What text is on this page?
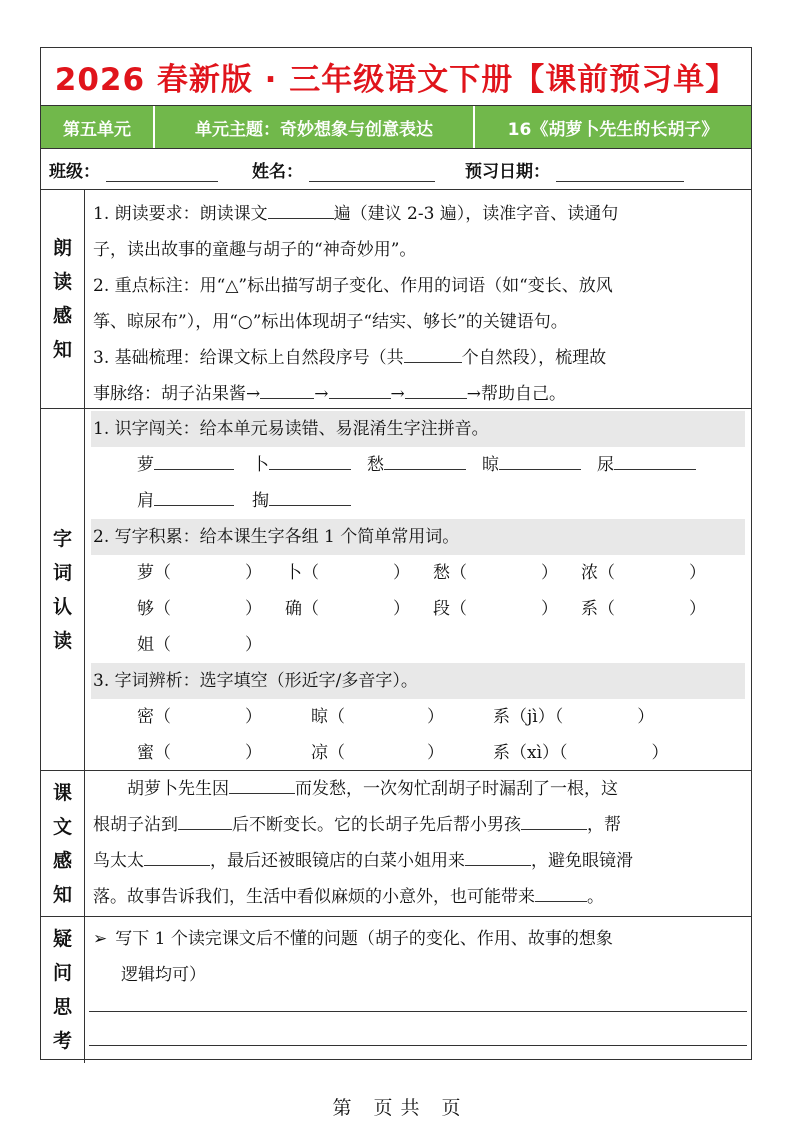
2026 春新版 · 三年级语文下册【课前预习单】
第五单元	单元主题：奇妙想象与创意表达	16《胡萝卜先生的长胡子》
班级：	姓名：	预习日期：
朗
读
感
知
1. 朗读要求：朗读课文	遍（建议 2-3 遍），读准字音、读通句
子，读出故事的童趣与胡子的“神奇妙用”。
2. 重点标注：用“△”标出描写胡子变化、作用的词语（如“变长、放风
筝、晾尿布”），用“○”标出体现胡子“结实、够长”的关键语句。
3. 基础梳理：给课文标上自然段序号（共	个自然段），梳理故
事脉络：胡子沾果酱→	→	→	→帮助自己。
字
词
认
读
1. 识字闯关：给本单元易读错、易混淆生字注拼音。
萝	卜	愁	晾	尿
肩	掏
2. 写字积累：给本课生字各组 1 个简单常用词。
萝（	）	卜（	）	愁（	）	浓（	）
够（	）	确（	）	段（	）	系（	）
姐（	）
3. 字词辨析：选字填空（形近字/多音字）。
密（	）	晾（	）	系（jì）（	）
蜜（	）	凉（	）	系（xì）（	）
课
文
感
知
胡萝卜先生因	而发愁，一次匆忙刮胡子时漏刮了一根，这
根胡子沾到	后不断变长。它的长胡子先后帮小男孩	，帮
鸟太太	，最后还被眼镜店的白菜小姐用来	，避免眼镜滑
落。故事告诉我们，生活中看似麻烦的小意外，也可能带来	。
疑
问
思
考
➢ 写下 1 个读完课文后不懂的问题（胡子的变化、作用、故事的想象
逻辑均可）
第 页 共 页
